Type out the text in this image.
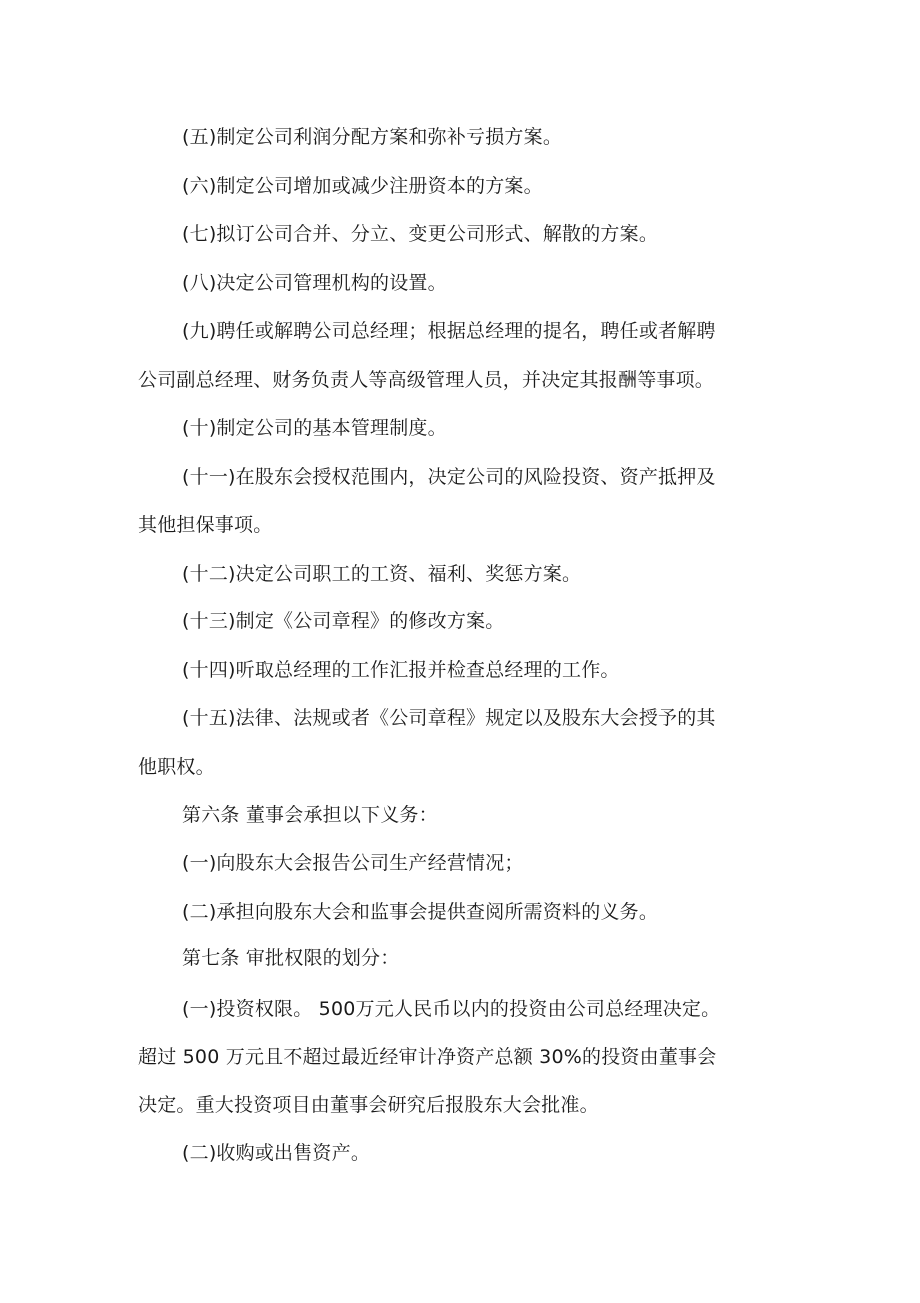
(五)制定公司利润分配方案和弥补亏损方案。
(六)制定公司增加或减少注册资本的方案。
(七)拟订公司合并、分立、变更公司形式、解散的方案。
(八)决定公司管理机构的设置。
(九)聘任或解聘公司总经理；根据总经理的提名，聘任或者解聘
公司副总经理、财务负责人等高级管理人员，并决定其报酬等事项。
(十)制定公司的基本管理制度。
(十一)在股东会授权范围内，决定公司的风险投资、资产抵押及
其他担保事项。
(十二)决定公司职工的工资、福利、奖惩方案。
(十三)制定《公司章程》的修改方案。
(十四)听取总经理的工作汇报并检查总经理的工作。
(十五)法律、法规或者《公司章程》规定以及股东大会授予的其
他职权。
第六条 董事会承担以下义务：
(一)向股东大会报告公司生产经营情况；
(二)承担向股东大会和监事会提供查阅所需资料的义务。
第七条 审批权限的划分：
(一)投资权限。 500万元人民币以内的投资由公司总经理决定。
超过 500 万元且不超过最近经审计净资产总额 30%的投资由董事会
决定。重大投资项目由董事会研究后报股东大会批准。
(二)收购或出售资产。
